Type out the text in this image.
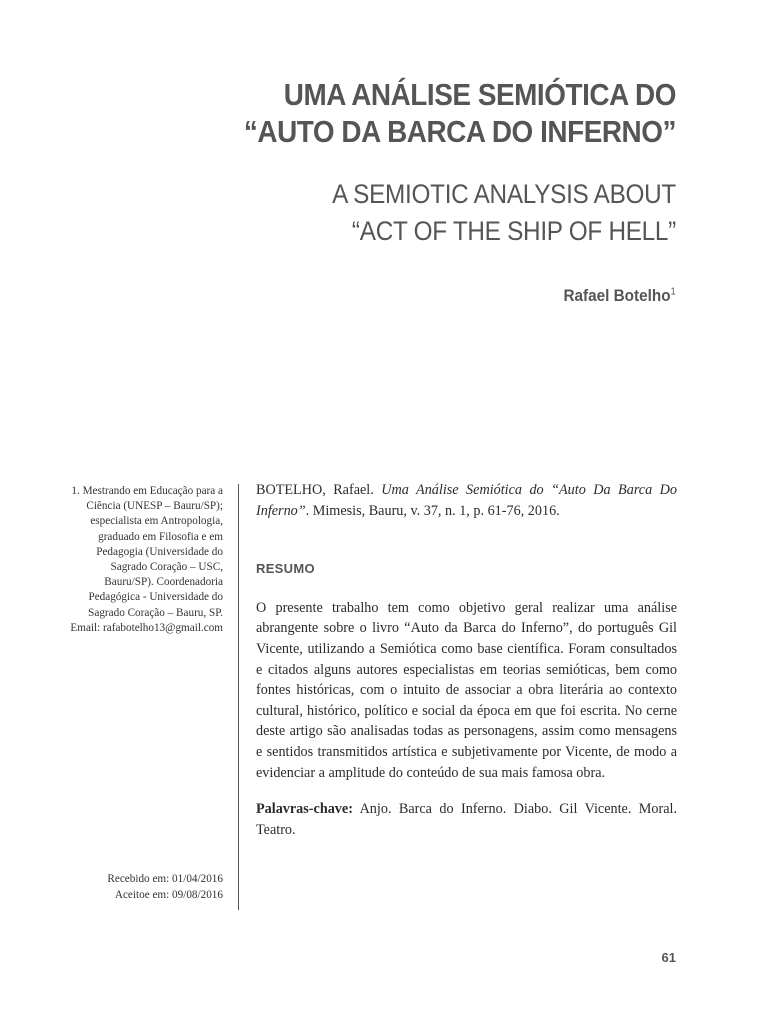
UMA ANÁLISE SEMIÓTICA DO
“AUTO DA BARCA DO INFERNO”
A SEMIOTIC ANALYSIS ABOUT
“ACT OF THE SHIP OF HELL”
Rafael Botelho$^1$
1. Mestrando em Educação para a Ciência (UNESP – Bauru/SP); especialista em Antropologia, graduado em Filosofia e em Pedagogia (Universidade do Sagrado Coração – USC, Bauru/SP). Coordenadoria Pedagógica - Universidade do Sagrado Coração – Bauru, SP. Email: rafabotelho13@gmail.com
Recebido em: 01/04/2016
Aceitoe em: 09/08/2016

BOTELHO, Rafael. Uma Análise Semiótica do “Auto Da Barca Do Inferno”. Mimesis, Bauru, v. 37, n. 1, p. 61-76, 2016.

RESUMO

O presente trabalho tem como objetivo geral realizar uma análise abrangente sobre o livro “Auto da Barca do Inferno”, do português Gil Vicente, utilizando a Semiótica como base científica. Foram consultados e citados alguns autores especialistas em teorias semióticas, bem como fontes históricas, com o intuito de associar a obra literária ao contexto cultural, histórico, político e social da época em que foi escrita. No cerne deste artigo são analisadas todas as personagens, assim como mensagens e sentidos transmitidos artística e subjetivamente por Vicente, de modo a evidenciar a amplitude do conteúdo de sua mais famosa obra.

Palavras-chave: Anjo. Barca do Inferno. Diabo. Gil Vicente. Moral. Teatro.

61
